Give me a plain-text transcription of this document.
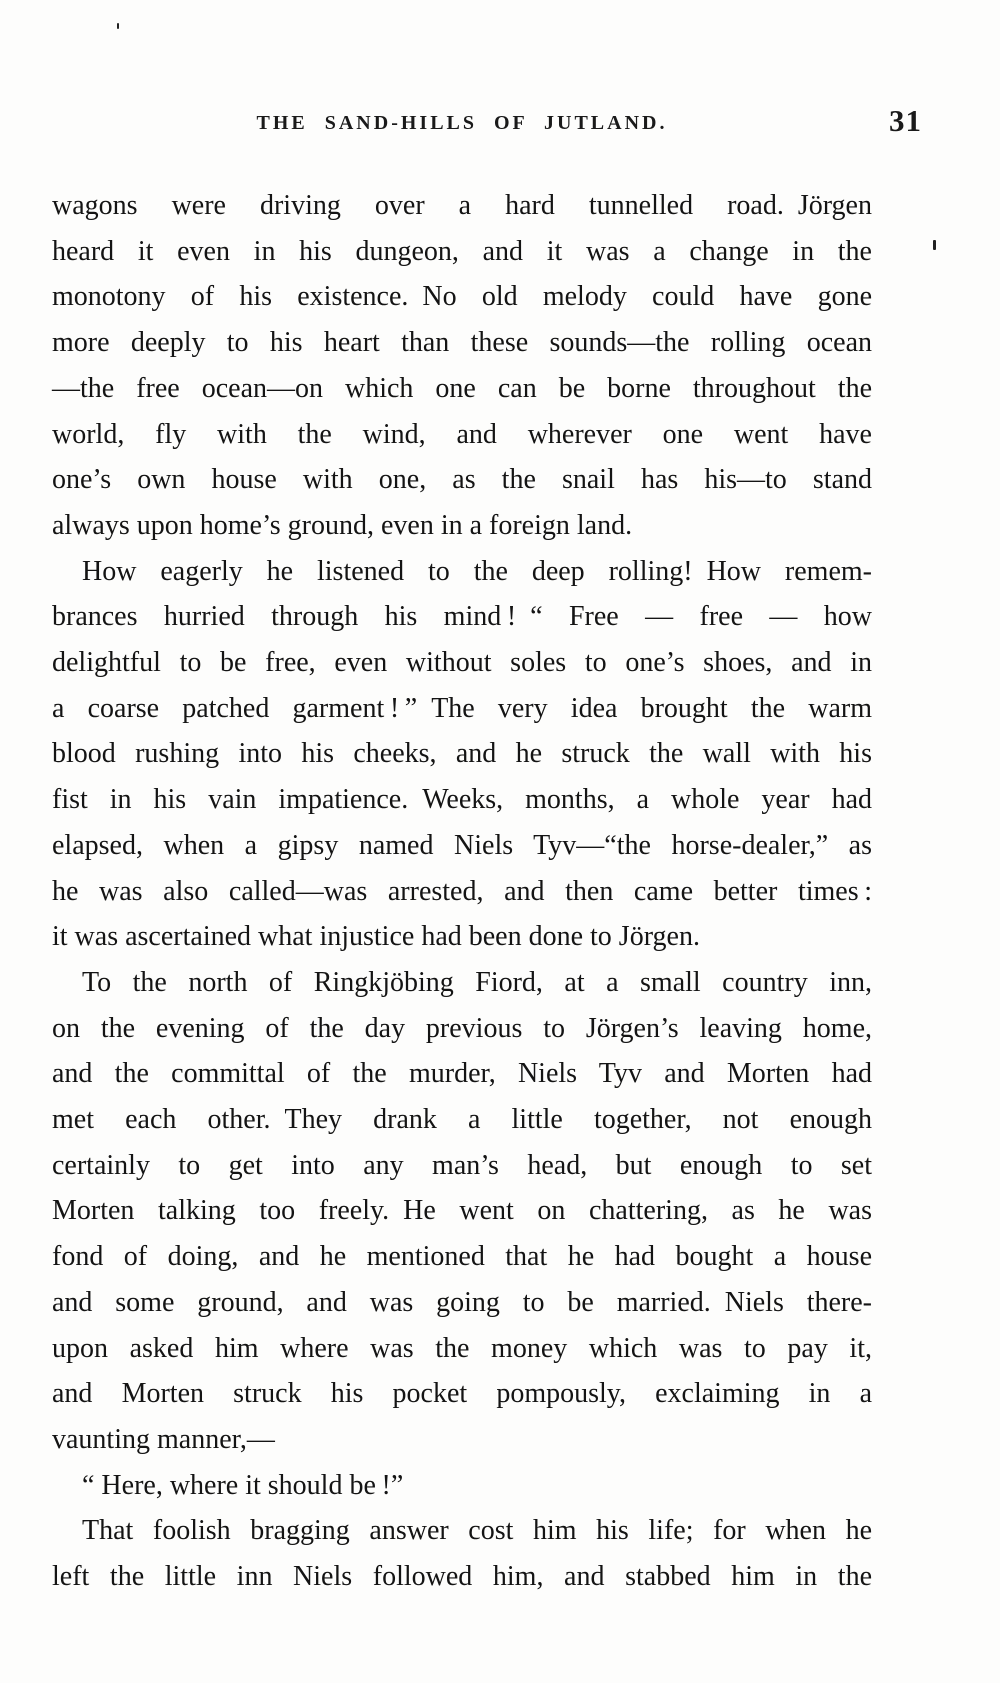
THE SAND-HILLS OF JUTLAND.	31
wagons were driving over a hard tunnelled road. Jörgen
heard it even in his dungeon, and it was a change in the
monotony of his existence. No old melody could have gone
more deeply to his heart than these sounds—the rolling ocean
—the free ocean—on which one can be borne throughout the
world, fly with the wind, and wherever one went have
one’s own house with one, as the snail has his—to stand
always upon home’s ground, even in a foreign land.
How eagerly he listened to the deep rolling! How remem-
brances hurried through his mind ! “ Free — free — how
delightful to be free, even without soles to one’s shoes, and in
a coarse patched garment ! ” The very idea brought the warm
blood rushing into his cheeks, and he struck the wall with his
fist in his vain impatience. Weeks, months, a whole year had
elapsed, when a gipsy named Niels Tyv—“the horse-dealer,” as
he was also called—was arrested, and then came better times :
it was ascertained what injustice had been done to Jörgen.
To the north of Ringkjöbing Fiord, at a small country inn,
on the evening of the day previous to Jörgen’s leaving home,
and the committal of the murder, Niels Tyv and Morten had
met each other. They drank a little together, not enough
certainly to get into any man’s head, but enough to set
Morten talking too freely. He went on chattering, as he was
fond of doing, and he mentioned that he had bought a house
and some ground, and was going to be married. Niels there-
upon asked him where was the money which was to pay it,
and Morten struck his pocket pompously, exclaiming in a
vaunting manner,—
“ Here, where it should be !”
That foolish bragging answer cost him his life; for when he
left the little inn Niels followed him, and stabbed him in the
